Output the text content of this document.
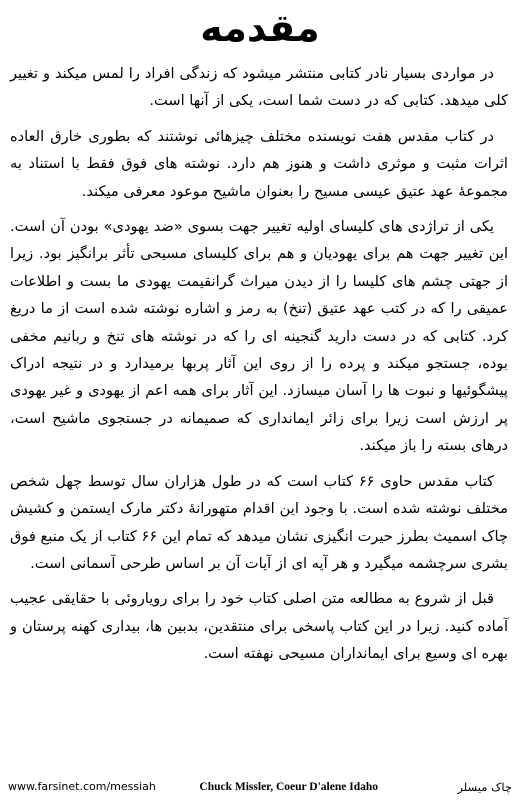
مقدمه

در مواردی بسیار نادر کتابی منتشر میشود که زندگی افراد را لمس میکند و تغییر کلی میدهد. کتابی که در دست شما است، یکی از آنها است.

در کتاب مقدس هفت نویسنده مختلف چیزهائی نوشتند که بطوری خارق العاده اثرات مثبت و موثری داشت و هنوز هم دارد. نوشته های فوق فقط با استناد به مجموعهٔ عهد عتیق عیسی مسیح را بعنوان ماشیح موعود معرفی میکند.

یکی از تراژدی های کلیسای اولیه تغییر جهت بسوی «ضد یهودی» بودن آن است. این تغییر جهت هم برای یهودیان و هم برای کلیسای مسیحی تأثر برانگیز بود. زیرا از جهتی چشم های کلیسا را از دیدن میراث گرانقیمت یهودی ما بست و اطلاعات عمیقی را که در کتب عهد عتیق (تنخ) به رمز و اشاره نوشته شده است از ما دریغ کرد. کتابی که در دست دارید گنجینه ای را که در نوشته های تنخ و ربانیم مخفی بوده، جستجو میکند و پرده را از روی این آثار پربها برمیدارد و در نتیجه ادراک پیشگوئیها و نبوت ها را آسان میسازد. این آثار برای همه اعم از یهودی و غیر یهودی پر ارزش است زیرا برای زائر ایمانداری که صمیمانه در جستجوی ماشیح است، درهای بسته را باز میکند.

کتاب مقدس حاوی ۶۶ کتاب است که در طول هزاران سال توسط چهل شخص مختلف نوشته شده است. با وجود این اقدام متهورانهٔ دکتر مارک ایستمن و کشیش چاک اسمیث بطرز حیرت انگیزی نشان میدهد که تمام این ۶۶ کتاب از یک منبع فوق بشری سرچشمه میگیرد و هر آیه ای از آیات آن بر اساس طرحی آسمانی است.

قبل از شروع به مطالعه متن اصلی کتاب خود را برای رویاروئی با حقایقی عجیب آماده کنید. زیرا در این کتاب پاسخی برای منتقدین، بدبین ها، بیداری کهنه پرستان و بهره ای وسیع برای ایمانداران مسیحی نهفته است.

www.farsinet.com/messiah	Chuck Missler, Coeur D'alene Idaho	چاک میسلر
